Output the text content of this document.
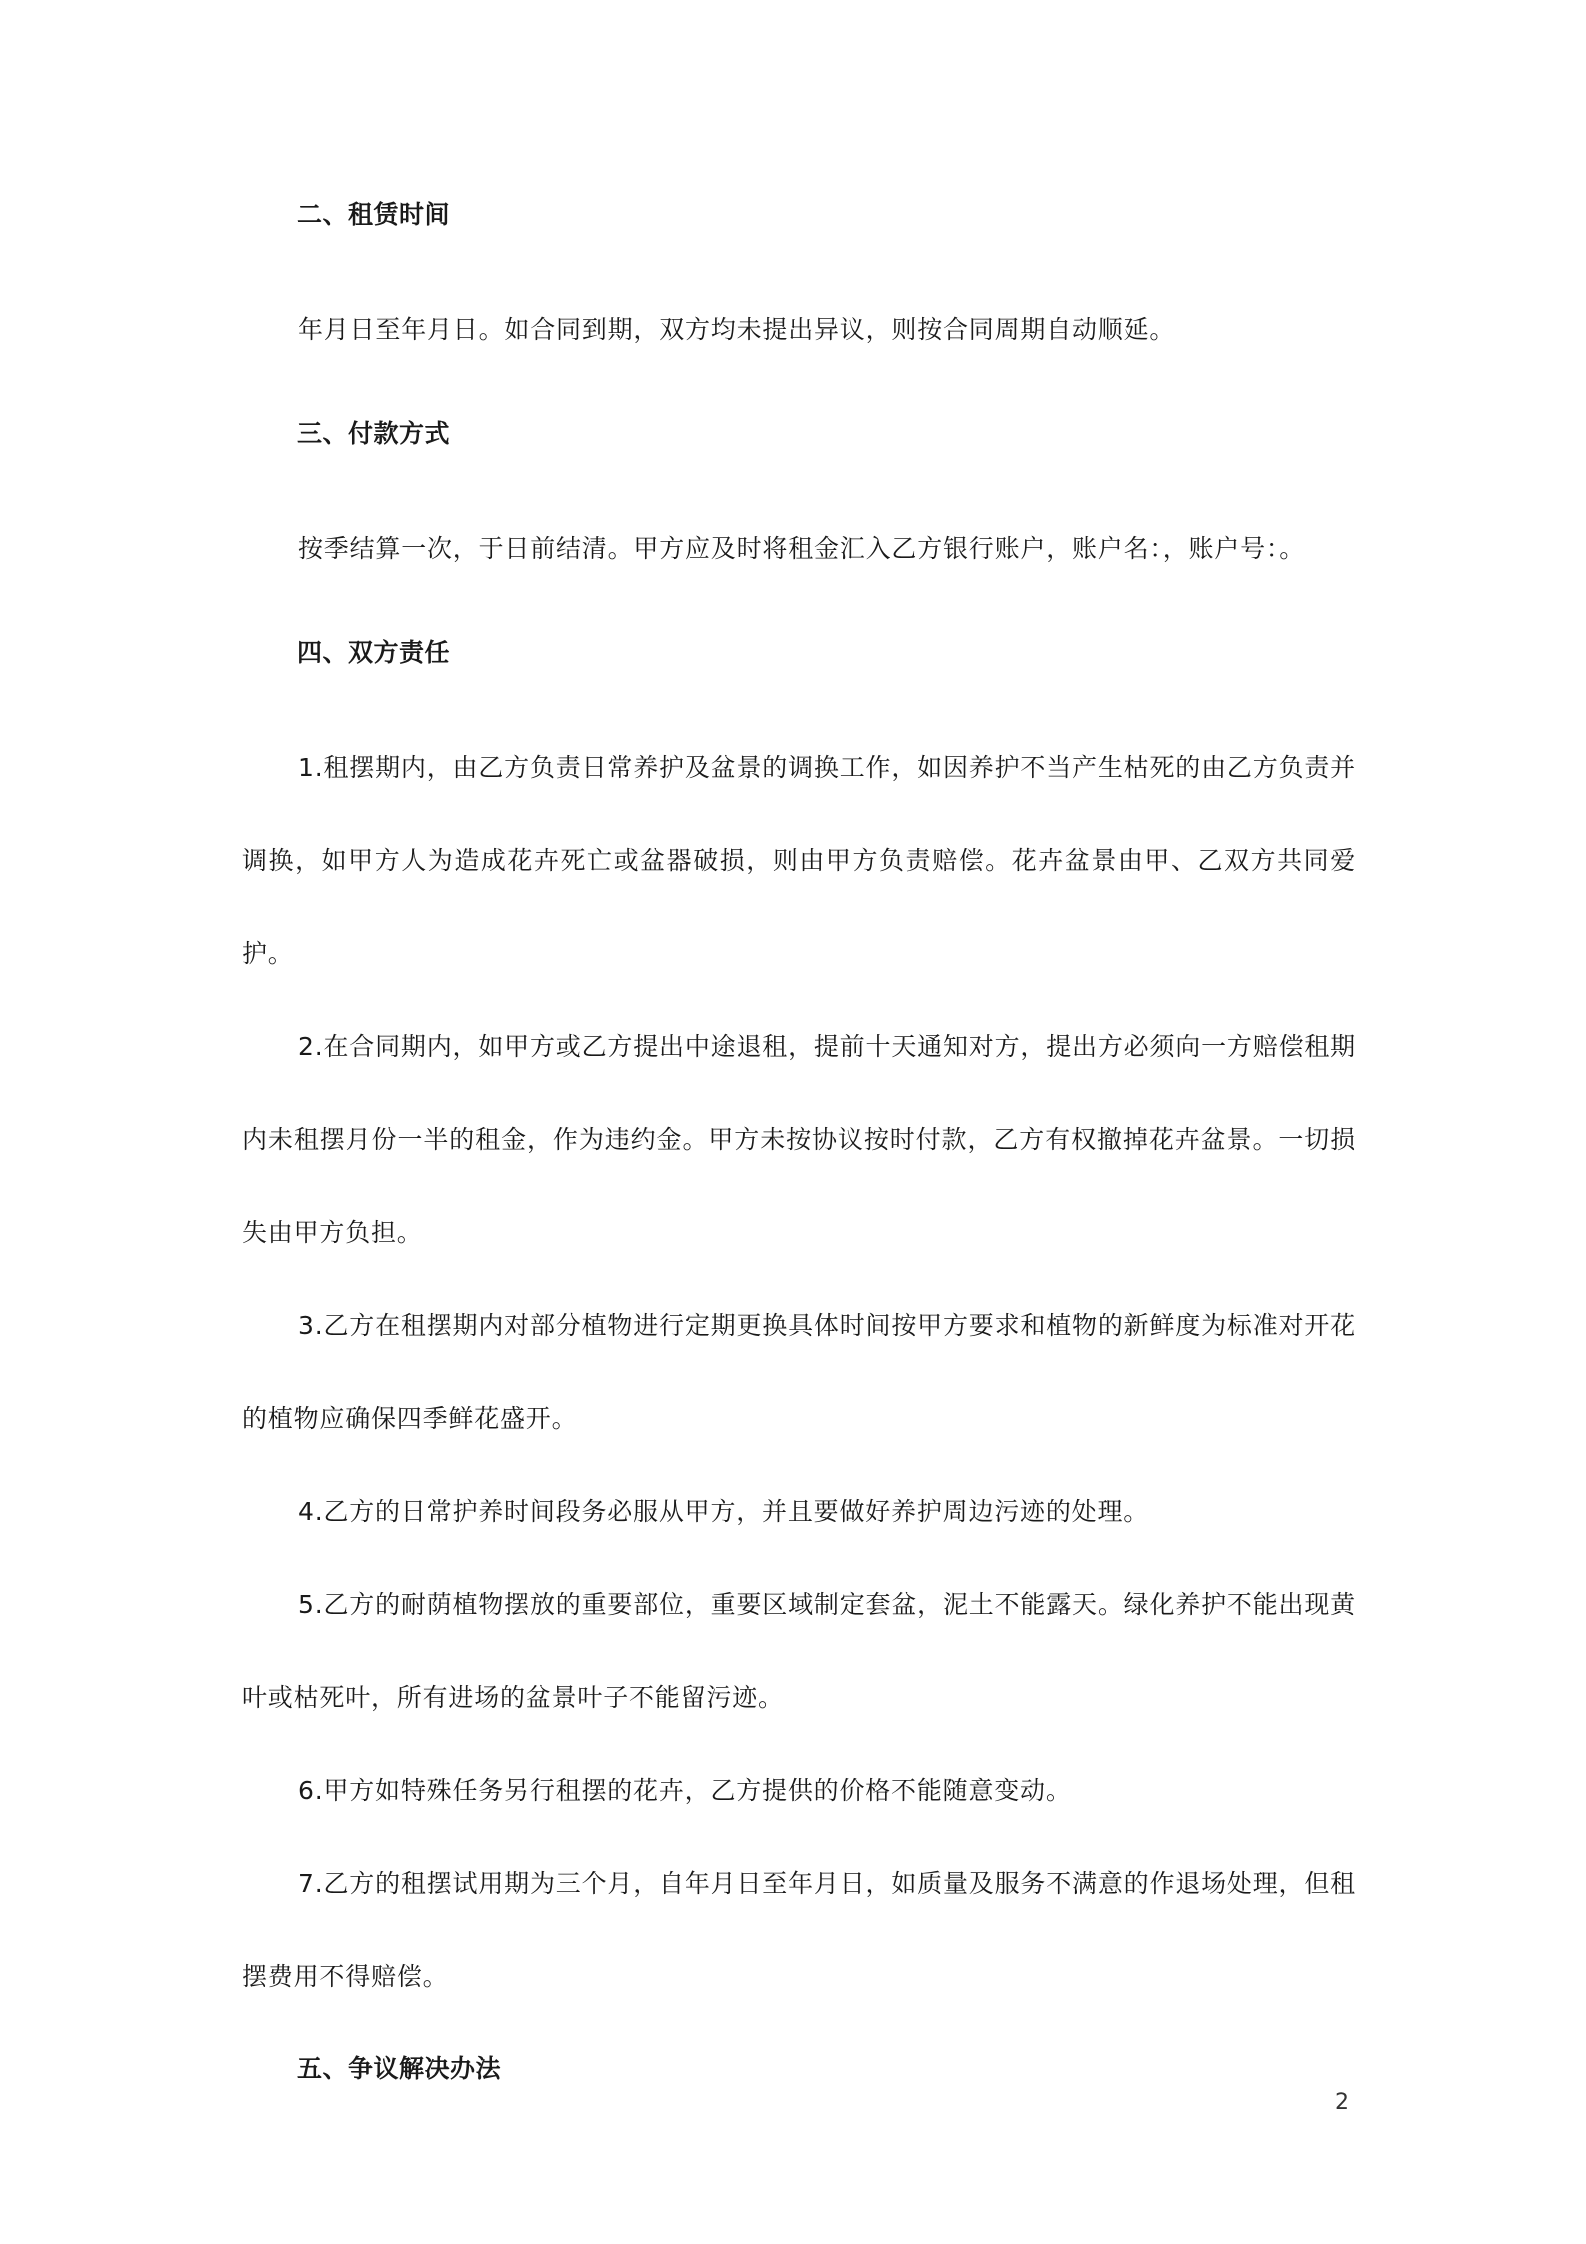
二、租赁时间

年月日至年月日。如合同到期，双方均未提出异议，则按合同周期自动顺延。

三、付款方式

按季结算一次，于日前结清。甲方应及时将租金汇入乙方银行账户，账户名：，账户号：。

四、双方责任

1.租摆期内，由乙方负责日常养护及盆景的调换工作，如因养护不当产生枯死的由乙方负责并调换，如甲方人为造成花卉死亡或盆器破损，则由甲方负责赔偿。花卉盆景由甲、乙双方共同爱护。

2.在合同期内，如甲方或乙方提出中途退租，提前十天通知对方，提出方必须向一方赔偿租期内未租摆月份一半的租金，作为违约金。甲方未按协议按时付款，乙方有权撤掉花卉盆景。一切损失由甲方负担。

3.乙方在租摆期内对部分植物进行定期更换具体时间按甲方要求和植物的新鲜度为标准对开花的植物应确保四季鲜花盛开。

4.乙方的日常护养时间段务必服从甲方，并且要做好养护周边污迹的处理。

5.乙方的耐荫植物摆放的重要部位，重要区域制定套盆，泥土不能露天。绿化养护不能出现黄叶或枯死叶，所有进场的盆景叶子不能留污迹。

6.甲方如特殊任务另行租摆的花卉，乙方提供的价格不能随意变动。

7.乙方的租摆试用期为三个月，自年月日至年月日，如质量及服务不满意的作退场处理，但租摆费用不得赔偿。

五、争议解决办法
2
